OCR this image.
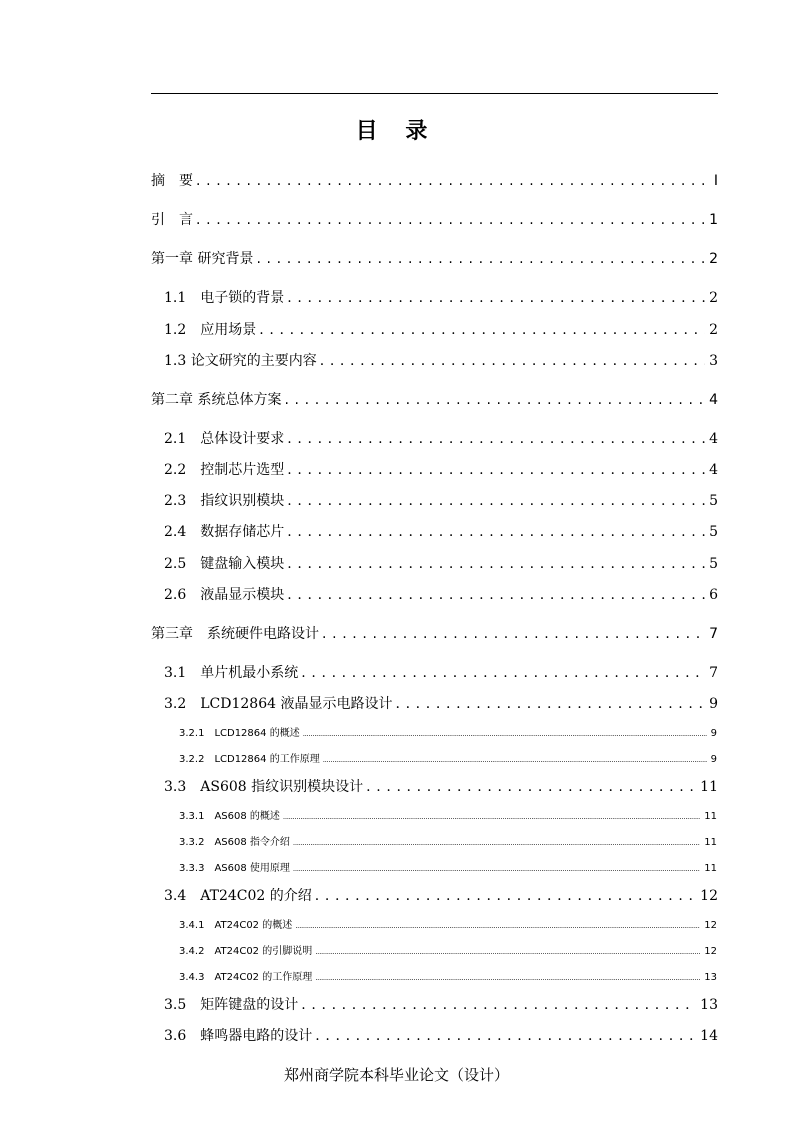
目 录
摘　要 . . .	I
引　言 . . .	1
第一章 研究背景 . . .	2
1.1　电子锁的背景 . . .	2
1.2　应用场景 . . .	2
1.3 论文研究的主要内容 . . .	3
第二章 系统总体方案 . . .	4
2.1　总体设计要求 . . .	4
2.2　控制芯片选型 . . .	4
2.3　指纹识别模块 . . .	5
2.4　数据存储芯片 . . .	5
2.5　键盘输入模块 . . .	5
2.6　液晶显示模块 . . .	6
第三章　系统硬件电路设计 . . .	7
3.1　单片机最小系统 . . .	7
3.2　LCD12864 液晶显示电路设计 . . .	9
3.2.1　LCD12864 的概述 .....	9
3.2.2　LCD12864 的工作原理 .....	9
3.3　AS608 指纹识别模块设计 . . .	11
3.3.1　AS608 的概述 .....	11
3.3.2　AS608 指令介绍 .....	11
3.3.3　AS608 使用原理 .....	11
3.4　AT24C02 的介绍 . . .	12
3.4.1　AT24C02 的概述 .....	12
3.4.2　AT24C02 的引脚说明 .....	12
3.4.3　AT24C02 的工作原理 .....	13
3.5　矩阵键盘的设计 . . .	13
3.6　蜂鸣器电路的设计 . . .	14
郑州商学院本科毕业论文（设计）
